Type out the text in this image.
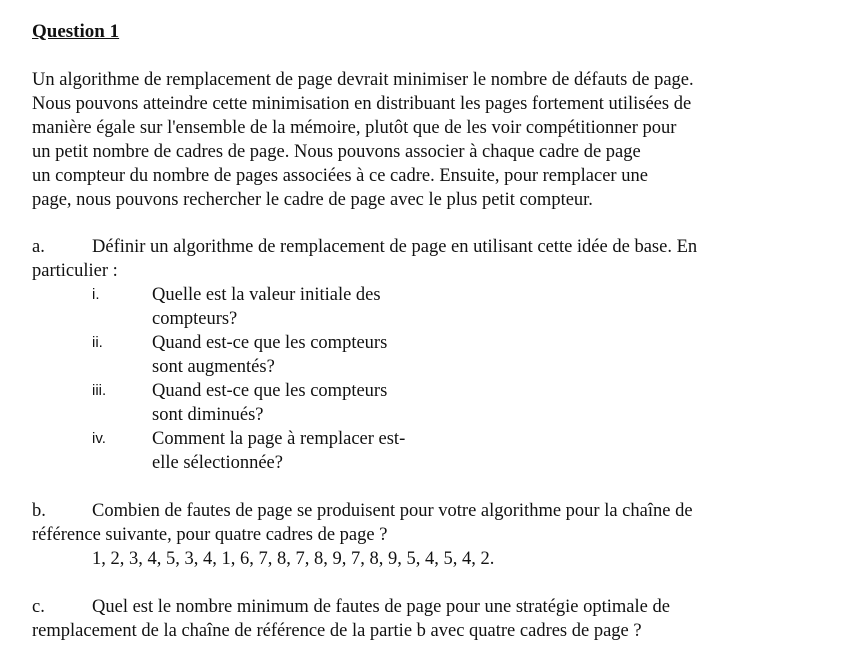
Question 1
Un algorithme de remplacement de page devrait minimiser le nombre de défauts de page.
Nous pouvons atteindre cette minimisation en distribuant les pages fortement utilisées de
manière égale sur l'ensemble de la mémoire, plutôt que de les voir compétitionner pour
un petit nombre de cadres de page. Nous pouvons associer à chaque cadre de page
un compteur du nombre de pages associées à ce cadre. Ensuite, pour remplacer une
page, nous pouvons rechercher le cadre de page avec le plus petit compteur.
a.	Définir un algorithme de remplacement de page en utilisant cette idée de base. En
particulier :
i.	Quelle est la valeur initiale des
compteurs?
ii.	Quand est-ce que les compteurs
sont augmentés?
iii. Quand est-ce que les compteurs
sont diminués?
iv. Comment la page à remplacer est-
elle sélectionnée?
b. Combien de fautes de page se produisent pour votre algorithme pour la chaîne de
référence suivante, pour quatre cadres de page ?
1, 2, 3, 4, 5, 3, 4, 1, 6, 7, 8, 7, 8, 9, 7, 8, 9, 5, 4, 5, 4, 2.
c.	Quel est le nombre minimum de fautes de page pour une stratégie optimale de
remplacement de la chaîne de référence de la partie b avec quatre cadres de page ?
